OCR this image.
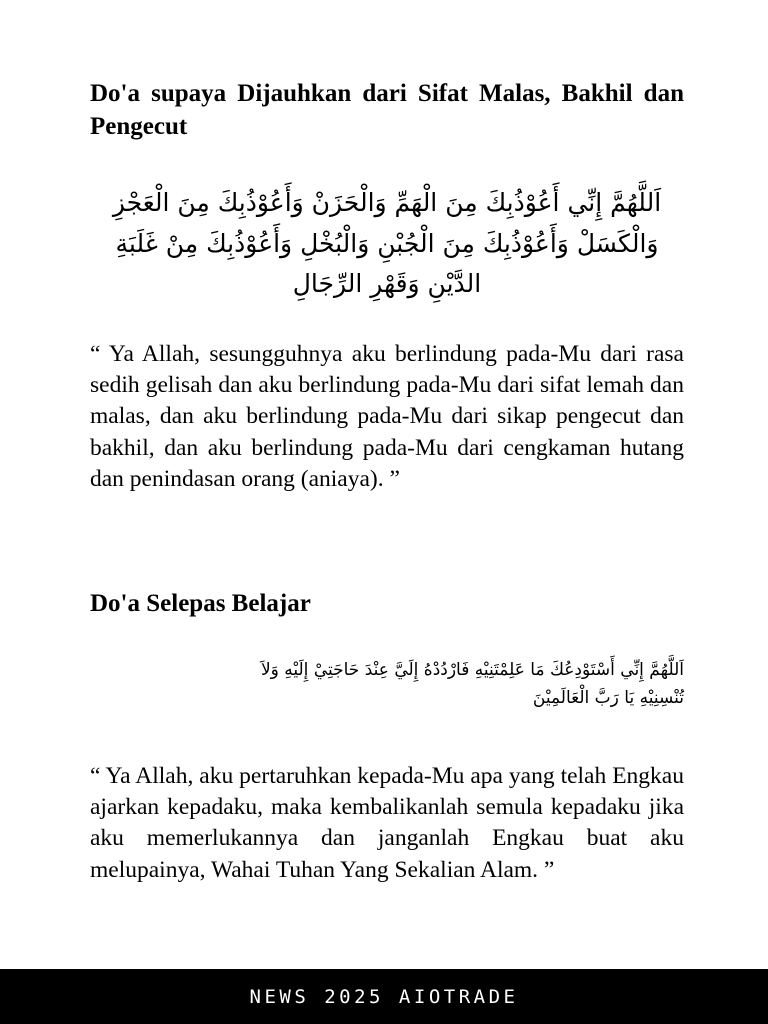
Do'a supaya Dijauhkan dari Sifat Malas, Bakhil dan Pengecut
اَللَّهُمَّ إِنِّي أَعُوْذُبِكَ مِنَ الْهَمِّ وَالْحَزَنْ وَأَعُوْذُبِكَ مِنَ الْعَجْزِ
وَالْكَسَلْ وَأَعُوْذُبِكَ مِنَ الْجُبْنِ وَالْبُخْلِ وَأَعُوْذُبِكَ مِنْ غَلَبَةِ
الدَّيْنِ وَقَهْرِ الرِّجَالِ

“ Ya Allah, sesungguhnya aku berlindung pada-Mu dari rasa sedih gelisah dan aku berlindung pada-Mu dari sifat lemah dan malas, dan aku berlindung pada-Mu dari sikap pengecut dan bakhil, dan aku berlindung pada-Mu dari cengkaman hutang dan penindasan orang (aniaya). ”

Do'a Selepas Belajar
اَللَّهُمَّ إِنِّي أَسْتَوْدِعُكَ مَا عَلِمْتَنِيْهِ فَارْدُدْهُ إِلَيَّ عِنْدَ حَاجَتِيْ إِلَيْهِ وَلاَ
تُنْسِنِيْهِ يَا رَبَّ الْعَالَمِيْنَ

“ Ya Allah, aku pertaruhkan kepada-Mu apa yang telah Engkau ajarkan kepadaku, maka kembalikanlah semula kepadaku jika aku memerlukannya dan janganlah Engkau buat aku melupainya, Wahai Tuhan Yang Sekalian Alam. ”

NEWS 2025 AIOTRADE
